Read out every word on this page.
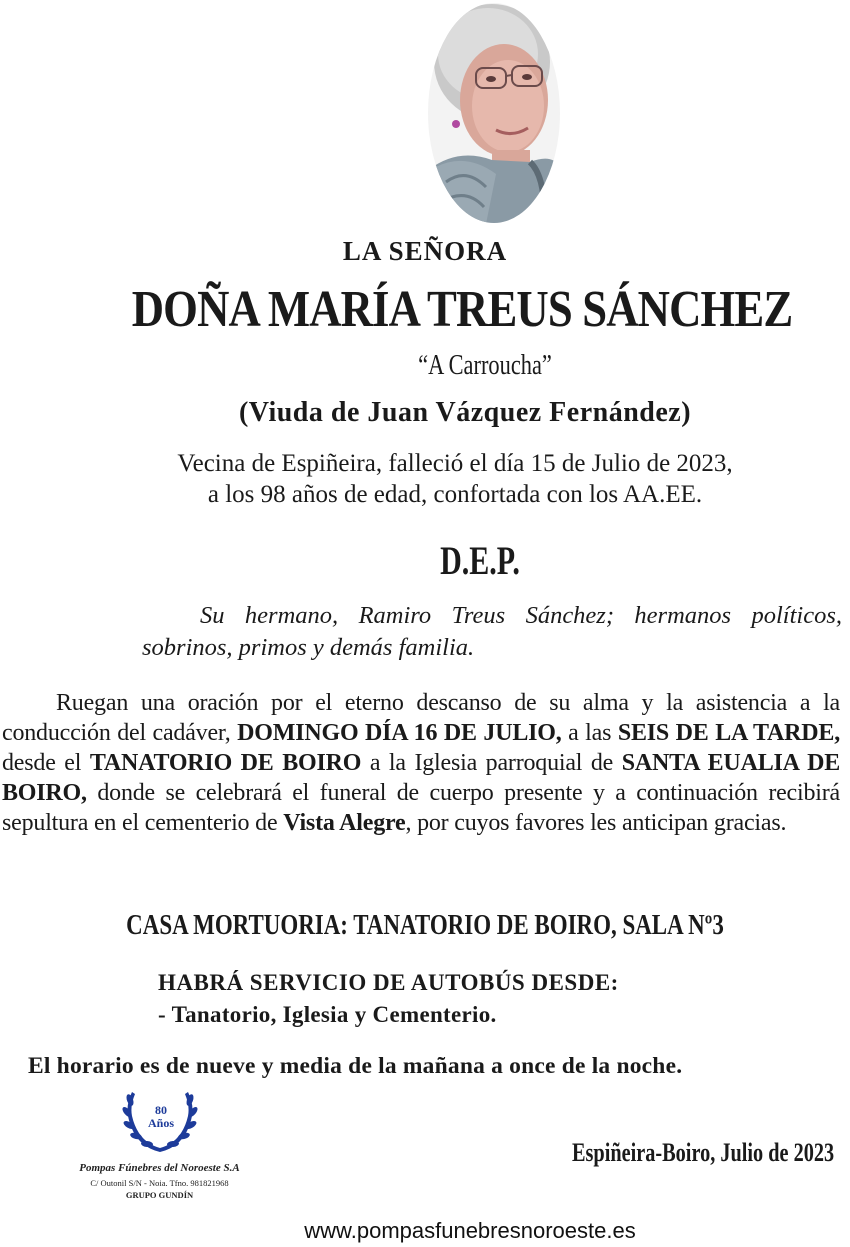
LA SEÑORA
DOÑA MARÍA TREUS SÁNCHEZ
“A Carroucha”
(Viuda de Juan Vázquez Fernández)
Vecina de Espiñeira, falleció el día 15 de Julio de 2023,
a los 98 años de edad, confortada con los AA.EE.
D.E.P.
Su hermano, Ramiro Treus Sánchez; hermanos políticos, sobrinos, primos y demás familia.
Ruegan una oración por el eterno descanso de su alma y la asistencia a la conducción del cadáver, DOMINGO DÍA 16 DE JULIO, a las SEIS DE LA TARDE, desde el TANATORIO DE BOIRO a la Iglesia parroquial de SANTA EUALIA DE BOIRO, donde se celebrará el funeral de cuerpo presente y a continuación recibirá sepultura en el cementerio de Vista Alegre, por cuyos favores les anticipan gracias.
CASA MORTUORIA: TANATORIO DE BOIRO, SALA Nº3
HABRÁ SERVICIO DE AUTOBÚS DESDE:
- Tanatorio, Iglesia y Cementerio.
El horario es de nueve y media de la mañana a once de la noche.
80
Años
Pompas Fúnebres del Noroeste S.A
C/ Outonil S/N - Noia. Tfno. 981821968
GRUPO GUNDÍN
Espiñeira-Boiro, Julio de 2023
www.pompasfunebresnoroeste.es
